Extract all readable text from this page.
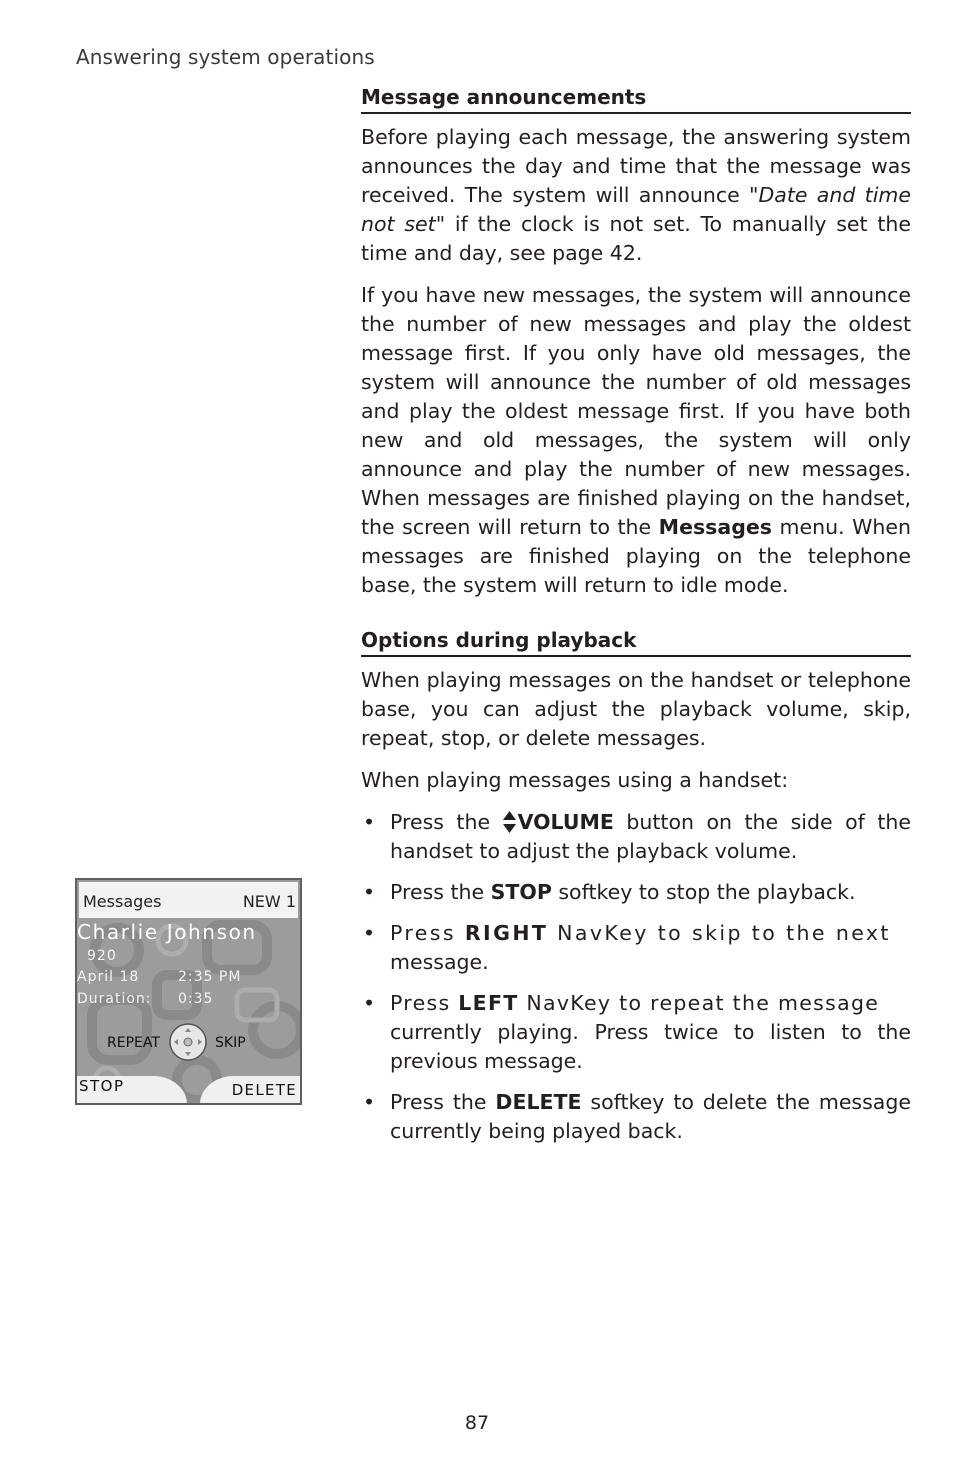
Answering system operations
Message announcements

Before playing each message, the answering system announces the day and time that the message was received. The system will announce "Date and time not set" if the clock is not set. To manually set the time and day, see page 42.

If you have new messages, the system will announce the number of new messages and play the oldest message first. If you only have old messages, the system will announce the number of old messages and play the oldest message first. If you have both new and old messages, the system will only announce and play the number of new messages. When messages are finished playing on the handset, the screen will return to the Messages menu. When messages are finished playing on the telephone base, the system will return to idle mode.

Options during playback

When playing messages on the handset or telephone base, you can adjust the playback volume, skip, repeat, stop, or delete messages.

When playing messages using a handset:

• Press the VOLUME button on the side of the handset to adjust the playback volume.
• Press the STOP softkey to stop the playback.
• Press RIGHT NavKey to skip to the next
message.
• Press LEFT NavKey to repeat the message
currently playing. Press twice to listen to the previous message.
• Press the DELETE softkey to delete the message currently being played back.
Messages	NEW 1
Charlie Johnson
920
April 18	2:35 PM
Duration: 0:35
REPEAT	SKIP
STOP	DELETE
87
